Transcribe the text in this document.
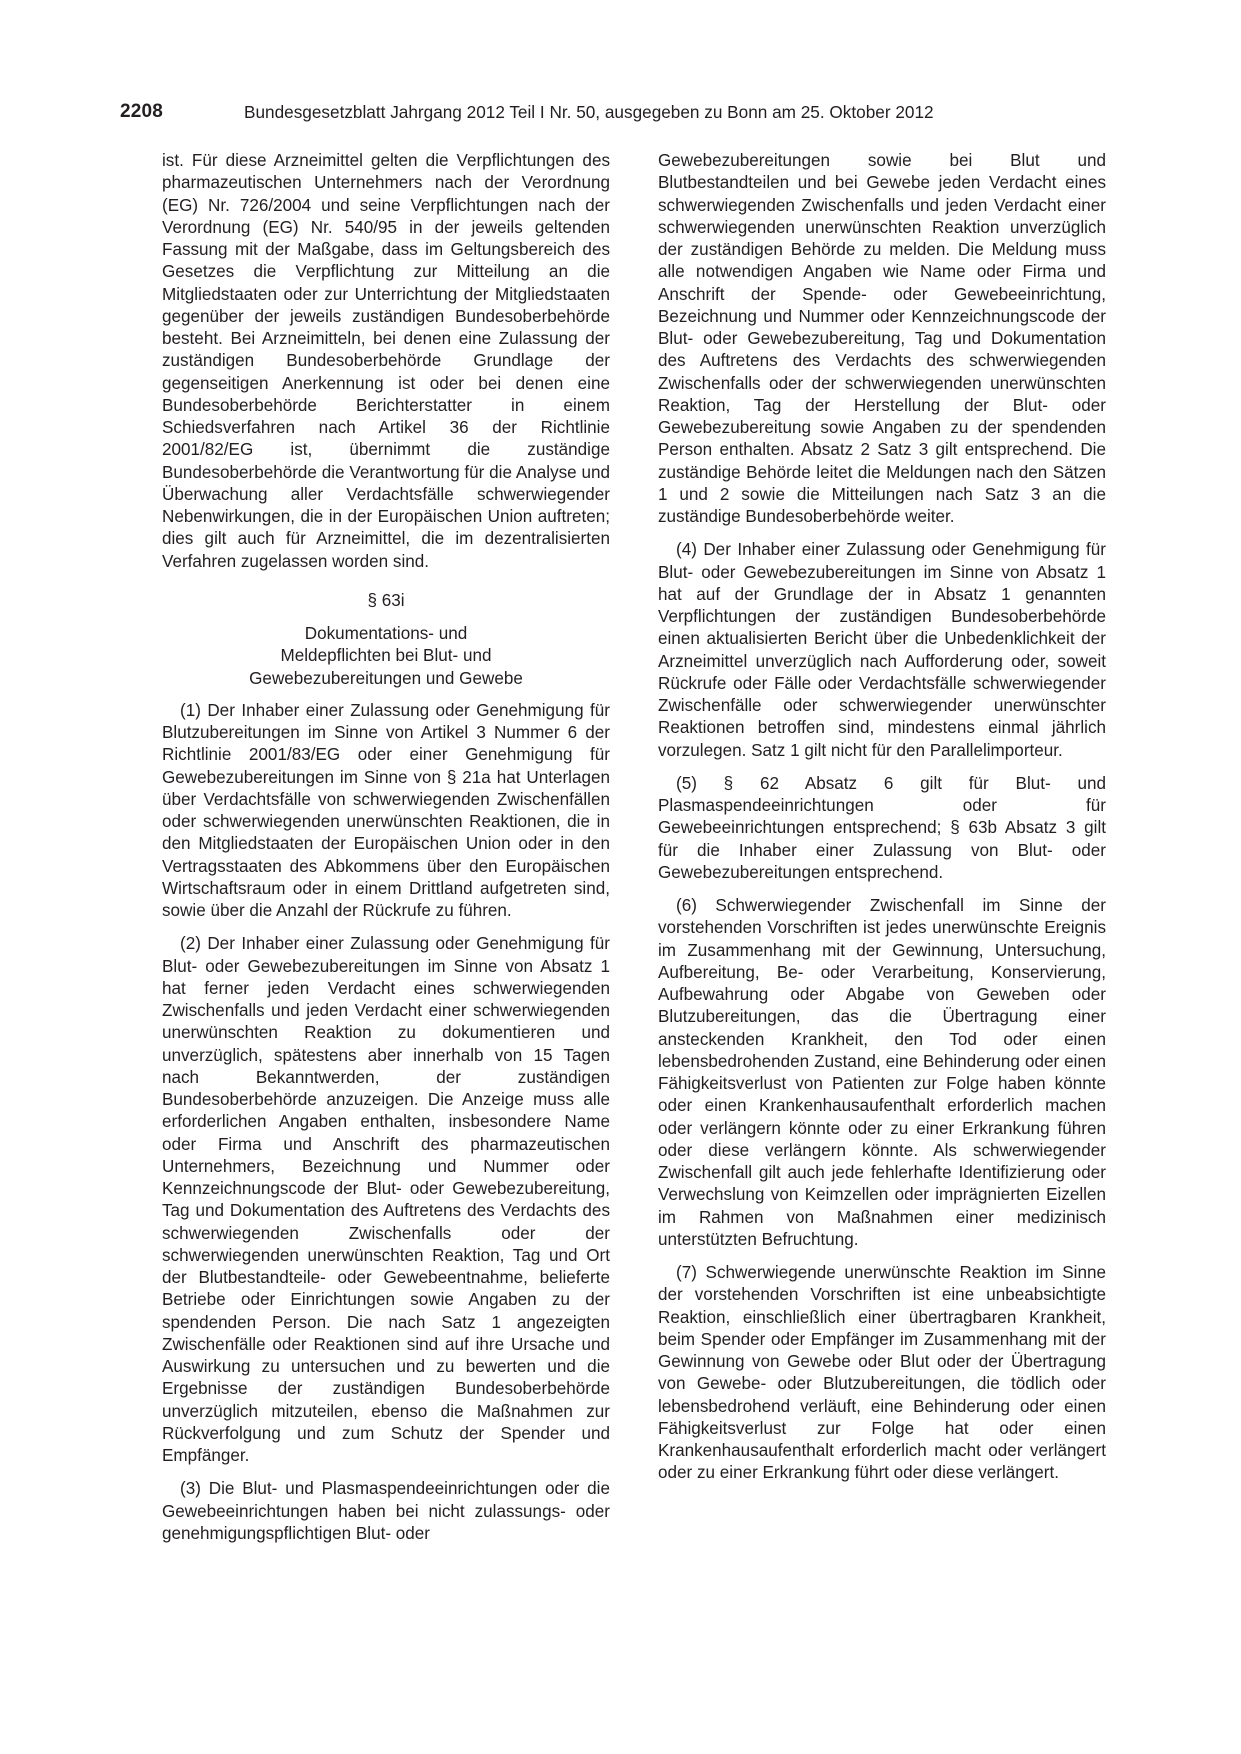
2208	Bundesgesetzblatt Jahrgang 2012 Teil I Nr. 50, ausgegeben zu Bonn am 25. Oktober 2012

ist. Für diese Arzneimittel gelten die Verpflichtungen des pharmazeutischen Unternehmers nach der Verordnung (EG) Nr. 726/2004 und seine Verpflichtungen nach der Verordnung (EG) Nr. 540/95 in der jeweils geltenden Fassung mit der Maßgabe, dass im Geltungsbereich des Gesetzes die Verpflichtung zur Mitteilung an die Mitgliedstaaten oder zur Unterrichtung der Mitgliedstaaten gegenüber der jeweils zuständigen Bundesoberbehörde besteht. Bei Arzneimitteln, bei denen eine Zulassung der zuständigen Bundesoberbehörde Grundlage der gegenseitigen Anerkennung ist oder bei denen eine Bundesoberbehörde Berichterstatter in einem Schiedsverfahren nach Artikel 36 der Richtlinie 2001/82/EG ist, übernimmt die zuständige Bundesoberbehörde die Verantwortung für die Analyse und Überwachung aller Verdachtsfälle schwerwiegender Nebenwirkungen, die in der Europäischen Union auftreten; dies gilt auch für Arzneimittel, die im dezentralisierten Verfahren zugelassen worden sind.

§ 63i
Dokumentations- und
Meldepflichten bei Blut- und
Gewebezubereitungen und Gewebe

(1) Der Inhaber einer Zulassung oder Genehmigung für Blutzubereitungen im Sinne von Artikel 3 Nummer 6 der Richtlinie 2001/83/EG oder einer Genehmigung für Gewebezubereitungen im Sinne von § 21a hat Unterlagen über Verdachtsfälle von schwerwiegenden Zwischenfällen oder schwerwiegenden unerwünschten Reaktionen, die in den Mitgliedstaaten der Europäischen Union oder in den Vertragsstaaten des Abkommens über den Europäischen Wirtschaftsraum oder in einem Drittland aufgetreten sind, sowie über die Anzahl der Rückrufe zu führen.

(2) Der Inhaber einer Zulassung oder Genehmigung für Blut- oder Gewebezubereitungen im Sinne von Absatz 1 hat ferner jeden Verdacht eines schwerwiegenden Zwischenfalls und jeden Verdacht einer schwerwiegenden unerwünschten Reaktion zu dokumentieren und unverzüglich, spätestens aber innerhalb von 15 Tagen nach Bekanntwerden, der zuständigen Bundesoberbehörde anzuzeigen. Die Anzeige muss alle erforderlichen Angaben enthalten, insbesondere Name oder Firma und Anschrift des pharmazeutischen Unternehmers, Bezeichnung und Nummer oder Kennzeichnungscode der Blut- oder Gewebezubereitung, Tag und Dokumentation des Auftretens des Verdachts des schwerwiegenden Zwischenfalls oder der schwerwiegenden unerwünschten Reaktion, Tag und Ort der Blutbestandteile- oder Gewebeentnahme, belieferte Betriebe oder Einrichtungen sowie Angaben zu der spendenden Person. Die nach Satz 1 angezeigten Zwischenfälle oder Reaktionen sind auf ihre Ursache und Auswirkung zu untersuchen und zu bewerten und die Ergebnisse der zuständigen Bundesoberbehörde unverzüglich mitzuteilen, ebenso die Maßnahmen zur Rückverfolgung und zum Schutz der Spender und Empfänger.

(3) Die Blut- und Plasmaspendeeinrichtungen oder die Gewebeeinrichtungen haben bei nicht zulassungs- oder genehmigungspflichtigen Blut- oder

Gewebezubereitungen sowie bei Blut und Blutbestandteilen und bei Gewebe jeden Verdacht eines schwerwiegenden Zwischenfalls und jeden Verdacht einer schwerwiegenden unerwünschten Reaktion unverzüglich der zuständigen Behörde zu melden. Die Meldung muss alle notwendigen Angaben wie Name oder Firma und Anschrift der Spende- oder Gewebeeinrichtung, Bezeichnung und Nummer oder Kennzeichnungscode der Blut- oder Gewebezubereitung, Tag und Dokumentation des Auftretens des Verdachts des schwerwiegenden Zwischenfalls oder der schwerwiegenden unerwünschten Reaktion, Tag der Herstellung der Blut- oder Gewebezubereitung sowie Angaben zu der spendenden Person enthalten. Absatz 2 Satz 3 gilt entsprechend. Die zuständige Behörde leitet die Meldungen nach den Sätzen 1 und 2 sowie die Mitteilungen nach Satz 3 an die zuständige Bundesoberbehörde weiter.

(4) Der Inhaber einer Zulassung oder Genehmigung für Blut- oder Gewebezubereitungen im Sinne von Absatz 1 hat auf der Grundlage der in Absatz 1 genannten Verpflichtungen der zuständigen Bundesoberbehörde einen aktualisierten Bericht über die Unbedenklichkeit der Arzneimittel unverzüglich nach Aufforderung oder, soweit Rückrufe oder Fälle oder Verdachtsfälle schwerwiegender Zwischenfälle oder schwerwiegender unerwünschter Reaktionen betroffen sind, mindestens einmal jährlich vorzulegen. Satz 1 gilt nicht für den Parallelimporteur.

(5) § 62 Absatz 6 gilt für Blut- und Plasmaspendeeinrichtungen oder für Gewebeeinrichtungen entsprechend; § 63b Absatz 3 gilt für die Inhaber einer Zulassung von Blut- oder Gewebezubereitungen entsprechend.

(6) Schwerwiegender Zwischenfall im Sinne der vorstehenden Vorschriften ist jedes unerwünschte Ereignis im Zusammenhang mit der Gewinnung, Untersuchung, Aufbereitung, Be- oder Verarbeitung, Konservierung, Aufbewahrung oder Abgabe von Geweben oder Blutzubereitungen, das die Übertragung einer ansteckenden Krankheit, den Tod oder einen lebensbedrohenden Zustand, eine Behinderung oder einen Fähigkeitsverlust von Patienten zur Folge haben könnte oder einen Krankenhausaufenthalt erforderlich machen oder verlängern könnte oder zu einer Erkrankung führen oder diese verlängern könnte. Als schwerwiegender Zwischenfall gilt auch jede fehlerhafte Identifizierung oder Verwechslung von Keimzellen oder imprägnierten Eizellen im Rahmen von Maßnahmen einer medizinisch unterstützten Befruchtung.

(7) Schwerwiegende unerwünschte Reaktion im Sinne der vorstehenden Vorschriften ist eine unbeabsichtigte Reaktion, einschließlich einer übertragbaren Krankheit, beim Spender oder Empfänger im Zusammenhang mit der Gewinnung von Gewebe oder Blut oder der Übertragung von Gewebe- oder Blutzubereitungen, die tödlich oder lebensbedrohend verläuft, eine Behinderung oder einen Fähigkeitsverlust zur Folge hat oder einen Krankenhausaufenthalt erforderlich macht oder verlängert oder zu einer Erkrankung führt oder diese verlängert.
